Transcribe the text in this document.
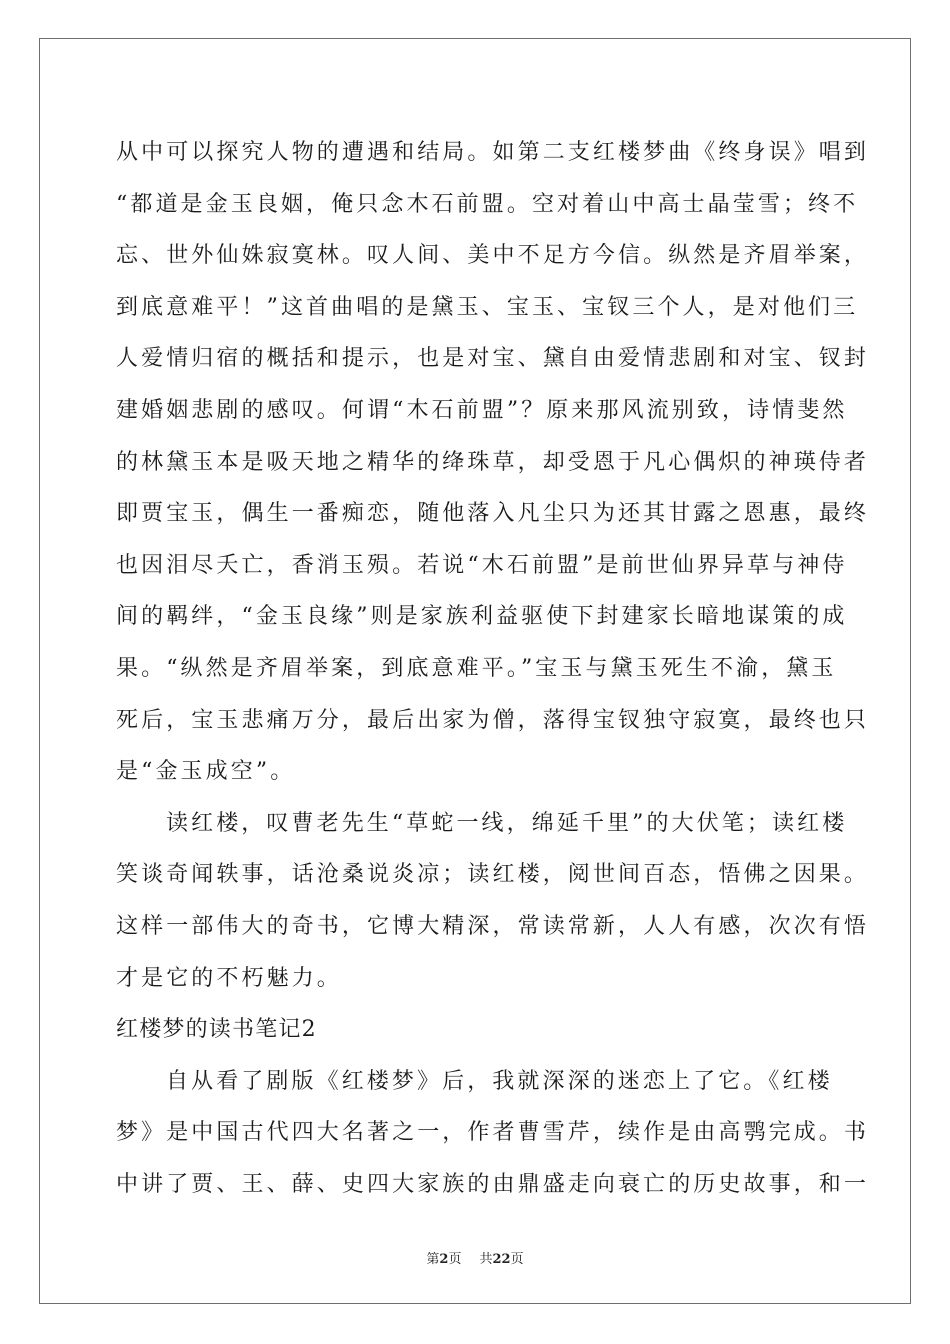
从中可以探究人物的遭遇和结局。如第二支红楼梦曲《终身误》唱到
“都道是金玉良姻，俺只念木石前盟。空对着山中高士晶莹雪；终不
忘、世外仙姝寂寞林。叹人间、美中不足方今信。纵然是齐眉举案，
到底意难平！”这首曲唱的是黛玉、宝玉、宝钗三个人，是对他们三
人爱情归宿的概括和提示，也是对宝、黛自由爱情悲剧和对宝、钗封
建婚姻悲剧的感叹。何谓“木石前盟”？原来那风流别致，诗情斐然
的林黛玉本是吸天地之精华的绛珠草，却受恩于凡心偶炽的神瑛侍者
即贾宝玉，偶生一番痴恋，随他落入凡尘只为还其甘露之恩惠，最终
也因泪尽夭亡，香消玉殒。若说“木石前盟”是前世仙界异草与神侍
间的羁绊，“金玉良缘”则是家族利益驱使下封建家长暗地谋策的成
果。“纵然是齐眉举案，到底意难平。”宝玉与黛玉死生不渝，黛玉
死后，宝玉悲痛万分，最后出家为僧，落得宝钗独守寂寞，最终也只
是“金玉成空”。
读红楼，叹曹老先生“草蛇一线，绵延千里”的大伏笔；读红楼
笑谈奇闻轶事，话沧桑说炎凉；读红楼，阅世间百态，悟佛之因果。
这样一部伟大的奇书，它博大精深，常读常新，人人有感，次次有悟
才是它的不朽魅力。
红楼梦的读书笔记2
自从看了剧版《红楼梦》后，我就深深的迷恋上了它。《红楼
梦》是中国古代四大名著之一，作者曹雪芹，续作是由高鹗完成。书
中讲了贾、王、薛、史四大家族的由鼎盛走向衰亡的历史故事，和一
第2页 共22页
